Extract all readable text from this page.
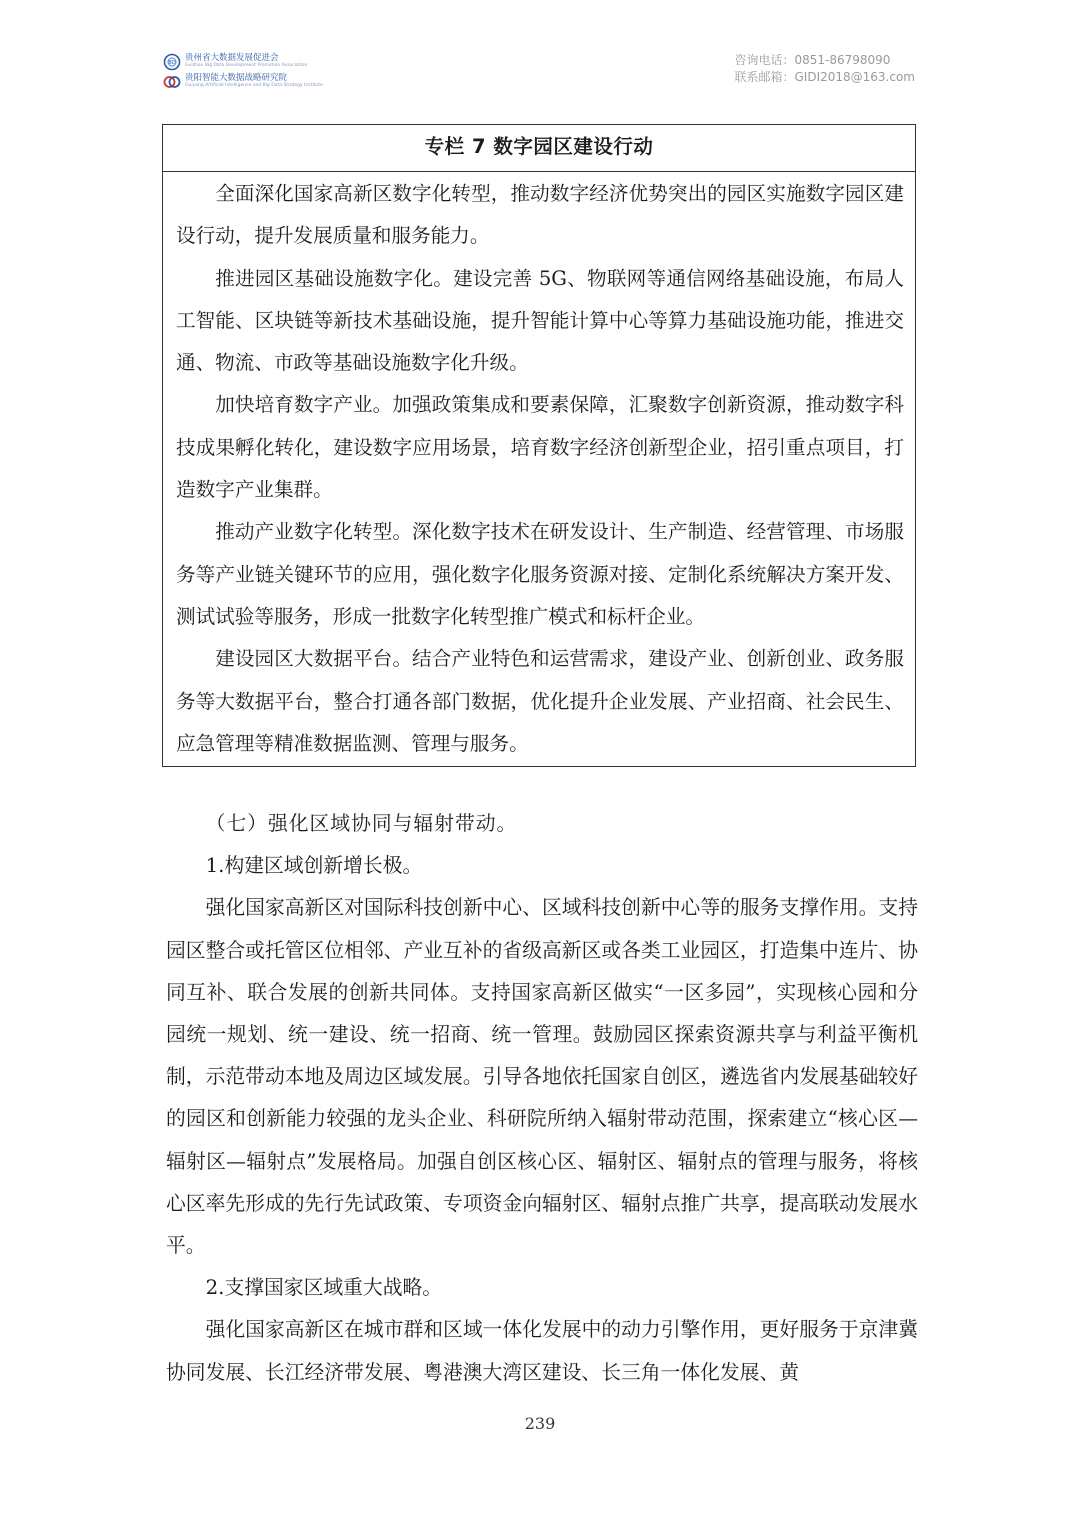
BD 贵州省大数据发展促进会
Guizhou Big Data Development Promotion Association
贵阳智能大数据战略研究院
Guiyang Artificial Intelligence and Big Data Strategy Institute
咨询电话：0851-86798090
联系邮箱：GIDI2018@163.com
专栏 7 数字园区建设行动

全面深化国家高新区数字化转型，推动数字经济优势突出的园区实施数字园区建设行动，提升发展质量和服务能力。

推进园区基础设施数字化。建设完善 5G、物联网等通信网络基础设施，布局人工智能、区块链等新技术基础设施，提升智能计算中心等算力基础设施功能，推进交通、物流、市政等基础设施数字化升级。

加快培育数字产业。加强政策集成和要素保障，汇聚数字创新资源，推动数字科技成果孵化转化，建设数字应用场景，培育数字经济创新型企业，招引重点项目，打造数字产业集群。

推动产业数字化转型。深化数字技术在研发设计、生产制造、经营管理、市场服务等产业链关键环节的应用，强化数字化服务资源对接、定制化系统解决方案开发、测试试验等服务，形成一批数字化转型推广模式和标杆企业。

建设园区大数据平台。结合产业特色和运营需求，建设产业、创新创业、政务服务等大数据平台，整合打通各部门数据，优化提升企业发展、产业招商、社会民生、应急管理等精准数据监测、管理与服务。

（七）强化区域协同与辐射带动。

1.构建区域创新增长极。

强化国家高新区对国际科技创新中心、区域科技创新中心等的服务支撑作用。支持园区整合或托管区位相邻、产业互补的省级高新区或各类工业园区，打造集中连片、协同互补、联合发展的创新共同体。支持国家高新区做实“一区多园”，实现核心园和分园统一规划、统一建设、统一招商、统一管理。鼓励园区探索资源共享与利益平衡机制，示范带动本地及周边区域发展。引导各地依托国家自创区，遴选省内发展基础较好的园区和创新能力较强的龙头企业、科研院所纳入辐射带动范围，探索建立“核心区—辐射区—辐射点”发展格局。加强自创区核心区、辐射区、辐射点的管理与服务，将核心区率先形成的先行先试政策、专项资金向辐射区、辐射点推广共享，提高联动发展水平。

2.支撑国家区域重大战略。

强化国家高新区在城市群和区域一体化发展中的动力引擎作用，更好服务于京津冀协同发展、长江经济带发展、粤港澳大湾区建设、长三角一体化发展、黄

239
